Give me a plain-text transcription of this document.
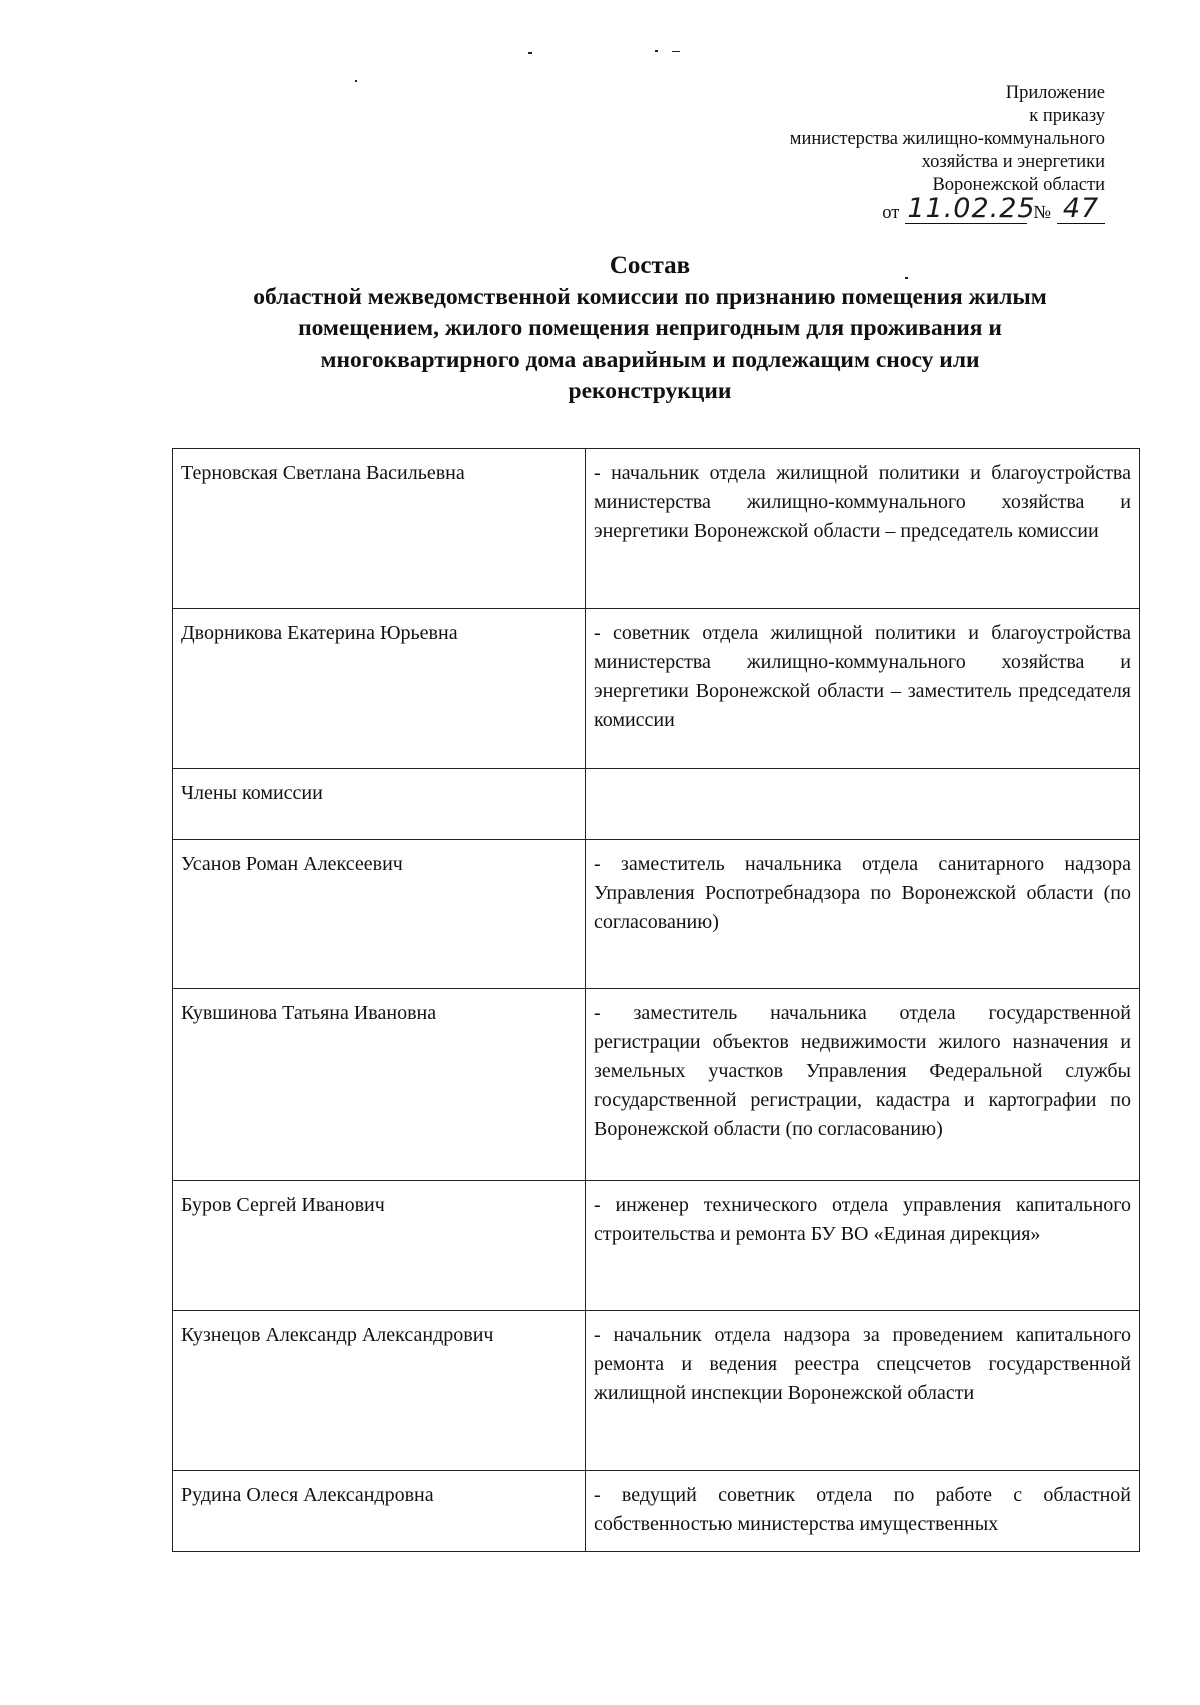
Приложение
к приказу
министерства жилищно-коммунального
хозяйства и энергетики
Воронежской области
от 11.02.25
№ 47
Состав
областной межведомственной комиссии по признанию помещения жилым
помещением, жилого помещения непригодным для проживания и
многоквартирного дома аварийным и подлежащим сносу или
реконструкции
Терновская Светлана Васильевна	- начальник отдела жилищной политики и благоустройства министерства жилищно-коммунального хозяйства и энергетики Воронежской области – председатель комиссии
Дворникова Екатерина Юрьевна	- советник отдела жилищной политики и благоустройства министерства жилищно-коммунального хозяйства и энергетики Воронежской области – заместитель председателя комиссии
Члены комиссии	
Усанов Роман Алексеевич	- заместитель начальника отдела санитарного надзора Управления Роспотребнадзора по Воронежской области (по согласованию)
Кувшинова Татьяна Ивановна	- заместитель начальника отдела государственной регистрации объектов недвижимости жилого назначения и земельных участков Управления Федеральной службы государственной регистрации, кадастра и картографии по Воронежской области (по согласованию)
Буров Сергей Иванович	- инженер технического отдела управления капитального строительства и ремонта БУ ВО «Единая дирекция»
Кузнецов Александр Александрович	- начальник отдела надзора за проведением капитального ремонта и ведения реестра спецсчетов государственной жилищной инспекции Воронежской области
Рудина Олеся Александровна	- ведущий советник отдела по работе с областной собственностью министерства имущественных
